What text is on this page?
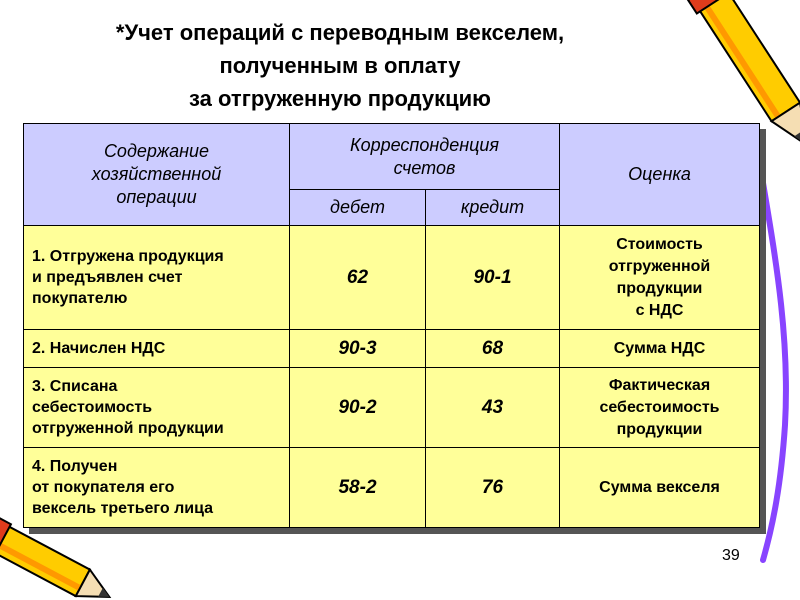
*Учет операций с переводным векселем,
полученным в оплату
за отгруженную продукцию
Содержание
хозяйственной
операции	Корреспонденция
счетов		Оценка
	дебет	кредит	

1. Отгружена продукция
и предъявлен счет
покупателю	62	90-1	Стоимость
отгруженной
продукции
с НДС

2. Начислен НДС	90-3	68	Сумма НДС

3. Списана
себестоимость
отгруженной продукции	90-2	43	Фактическая
себестоимость
продукции

4. Получен
от покупателя его
вексель третьего лица	58-2	76	Сумма векселя
39
